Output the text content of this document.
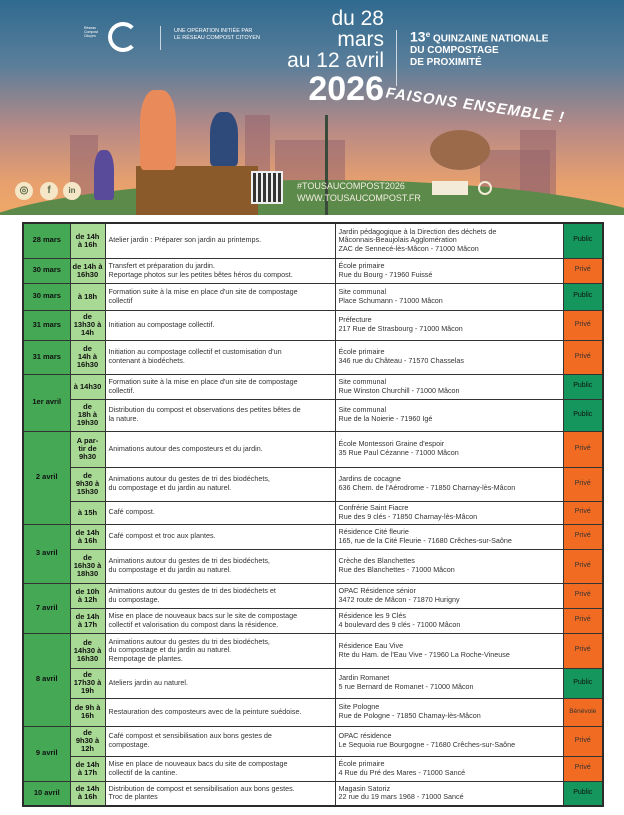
Réseau Compost Citoyen
UNE OPÉRATION INITIÉE PAR
LE RÉSEAU COMPOST CITOYEN
du 28 mars
au 12 avril
2026
13e QUINZAINE NATIONALE
DU COMPOSTAGE
DE PROXIMITÉ
FAISONS ENSEMBLE !
◎	f	in	#TOUSAUCOMPOST2026
WWW.TOUSAUCOMPOST.FR
28 mars	de 14h
à 16h	Atelier jardin : Préparer son jardin au printemps.	Jardin pédagogique à la Direction des déchets de
Mâconnais-Beaujolais Agglomération
ZAC de Sennecé-lès-Mâcon - 71000 Mâcon	Public
30 mars	de 14h à
16h30	Transfert et préparation du jardin.
Reportage photos sur les petites bêtes héros du compost.	École primaire
Rue du Bourg - 71960 Fuissé	Privé
30 mars	à 18h	Formation suite à la mise en place d'un site de compostage
collectif	Site communal
Place Schumann - 71000 Mâcon	Public
31 mars	de
13h30 à
14h	Initiation au compostage collectif.	Préfecture
217 Rue de Strasbourg - 71000 Mâcon	Privé
31 mars	de
14h à
16h30	Initiation au compostage collectif et customisation d'un
contenant à biodéchets.	École primaire
346 rue du Château - 71570 Chasselas	Privé
1er avril	à 14h30	Formation suite à la mise en place d'un site de compostage
collectif.	Site communal
Rue Winston Churchill - 71000 Mâcon	Public

	de
18h à
19h30	Distribution du compost et observations des petites bêtes de
la nature.	Site communal
Rue de la Noierie - 71960 Igé	Public
2 avril	A par-
tir de
9h30	Animations autour des composteurs et du jardin.	École Montessori Graine d'espoir
35 Rue Paul Cézanne - 71000 Mâcon	Privé

	de
9h30 à
15h30	Animations autour du gestes de tri des biodéchets,
du compostage et du jardin au naturel.	Jardins de cocagne
636 Chem. de l'Aérodrome - 71850 Charnay-lès-Mâcon	Privé

	à 15h	Café compost.	Confrérie Saint Fiacre
Rue des 9 clés - 71850 Charnay-lès-Mâcon	Privé
3 avril	de 14h
à 16h	Café compost et troc aux plantes.	Résidence Cité fleurie
165, rue de la Cité Fleurie - 71680 Crêches-sur-Saône	Privé

	de
16h30 à
18h30	Animations autour du gestes de tri des biodéchets,
du compostage et du jardin au naturel.	Crèche des Blanchettes
Rue des Blanchettes - 71000 Mâcon	Privé
7 avril	de 10h
à 12h	Animations autour du gestes de tri des biodéchets et
du compostage.	OPAC Résidence sénior
3472 route de Mâcon - 71870 Hurigny	Privé

	de 14h
à 17h	Mise en place de nouveaux bacs sur le site de compostage
collectif et valorisation du compost dans la résidence.	Résidence les 9 Clés
4 boulevard des 9 clés - 71000 Mâcon	Privé
8 avril	de
14h30 à
16h30	Animations autour du gestes du tri des biodéchets,
du compostage et du jardin au naturel.
Rempotage de plantes.	Résidence Eau Vive
Rte du Ham. de l'Eau Vive - 71960 La Roche-Vineuse	Privé

	de
17h30 à
19h	Ateliers jardin au naturel.	Jardin Romanet
5 rue Bernard de Romanet - 71000 Mâcon	Public

	de 9h à
16h	Restauration des composteurs avec de la peinture suédoise.	Site Pologne
Rue de Pologne - 71850 Chamay-lès-Mâcon	Bénévole
9 avril	de
9h30 à
12h	Café compost et sensibilisation aux bons gestes de
compostage.	OPAC résidence
Le Sequoia rue Bourgogne - 71680 Crêches-sur-Saône	Privé

	de 14h
à 17h	Mise en place de nouveaux bacs du site de compostage
collectif de la cantine.	École primaire
4 Rue du Pré des Mares - 71000 Sancé	Privé
10 avril	de 14h
à 16h	Distribution de compost et sensibilisation aux bons gestes.
Troc de plantes	Magasin Satoriz
22 rue du 19 mars 1968 - 71000 Sancé	Public
